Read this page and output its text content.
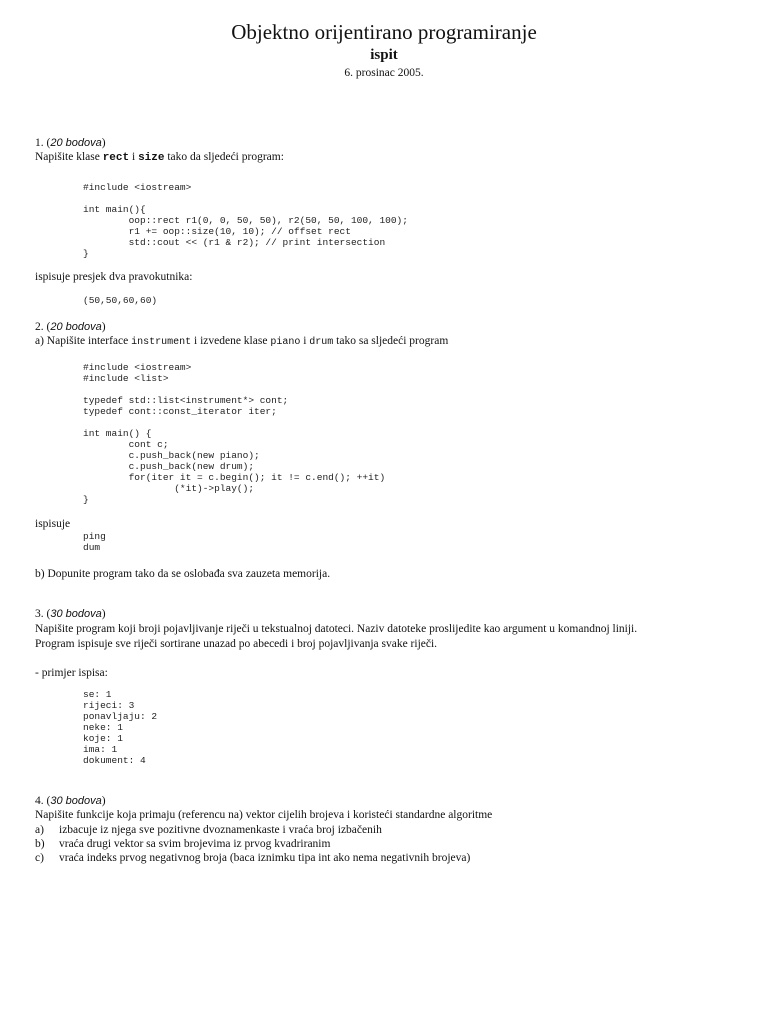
Objektno orijentirano programiranje
ispit
6. prosinac 2005.
1. (20 bodova)
Napišite klase rect i size tako da sljedeći program:
#include <iostream>

int main(){
oop::rect r1(0, 0, 50, 50), r2(50, 50, 100, 100);
r1 += oop::size(10, 10); // offset rect
std::cout << (r1 & r2); // print intersection
}
ispisuje presjek dva pravokutnika:
(50,50,60,60)
2. (20 bodova)
a) Napišite interface instrument i izvedene klase piano i drum tako sa sljedeći program
#include <iostream>
#include <list>

typedef std::list<instrument*> cont;
typedef cont::const_iterator iter;

int main() {
cont c;
c.push_back(new piano);
c.push_back(new drum);
for(iter it = c.begin(); it != c.end(); ++it)
(*it)->play();
}
ispisuje
ping
dum
b) Dopunite program tako da se oslobađa sva zauzeta memorija.
3. (30 bodova)
Napišite program koji broji pojavljivanje riječi u tekstualnoj datoteci. Naziv datoteke proslijedite kao argument u komandnoj liniji.
Program ispisuje sve riječi sortirane unazad po abecedi i broj pojavljivanja svake riječi.
- primjer ispisa:
se: 1
rijeci: 3
ponavljaju: 2
neke: 1
koje: 1
ima: 1
dokument: 4
4. (30 bodova)
Napišite funkcije koja primaju (referencu na) vektor cijelih brojeva i koristeći standardne algoritme
a) izbacuje iz njega sve pozitivne dvoznamenkaste i vraća broj izbačenih
b) vraća drugi vektor sa svim brojevima iz prvog kvadriranim
c) vraća indeks prvog negativnog broja (baca iznimku tipa int ako nema negativnih brojeva)
